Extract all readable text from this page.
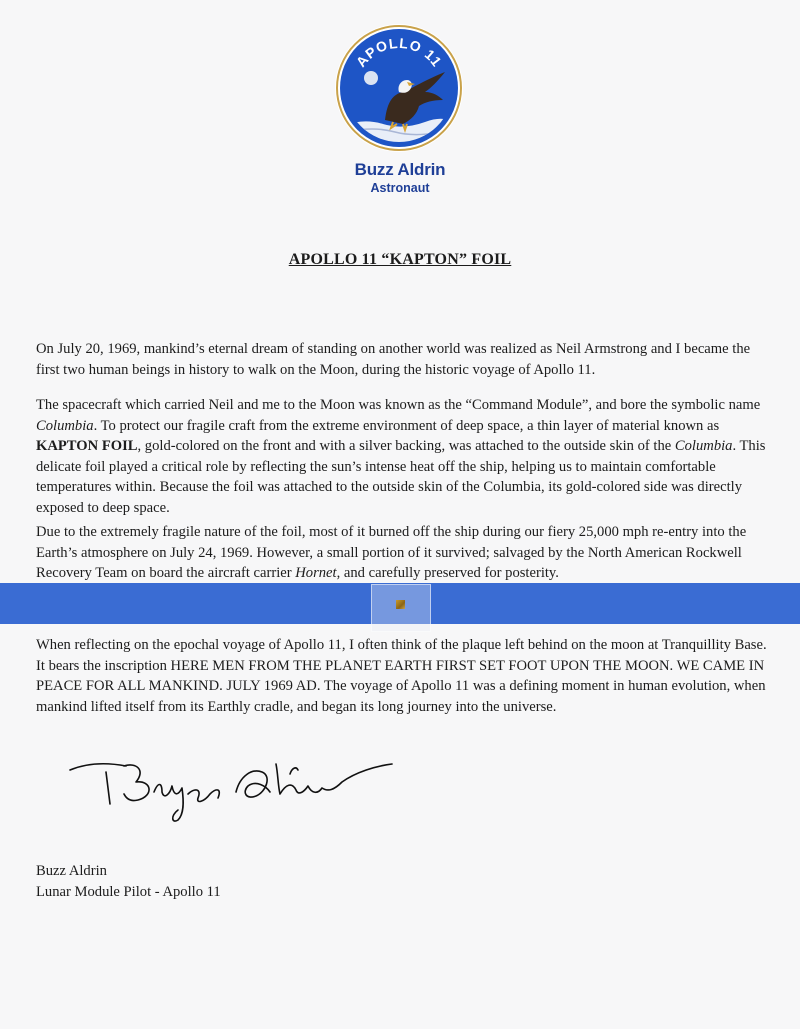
APOLLO 11
Buzz Aldrin
Astronaut
APOLLO 11 “KAPTON” FOIL
On July 20, 1969, mankind’s eternal dream of standing on another world was realized as Neil Armstrong and I became the first two human beings in history to walk on the Moon, during the historic voyage of Apollo 11.
The spacecraft which carried Neil and me to the Moon was known as the “Command Module”, and bore the symbolic name Columbia. To protect our fragile craft from the extreme environment of deep space, a thin layer of material known as KAPTON FOIL, gold-colored on the front and with a silver backing, was attached to the outside skin of the Columbia. This delicate foil played a critical role by reflecting the sun’s intense heat off the ship, helping us to maintain comfortable temperatures within. Because the foil was attached to the outside skin of the Columbia, its gold-colored side was directly exposed to deep space.
Due to the extremely fragile nature of the foil, most of it burned off the ship during our fiery 25,000 mph re-entry into the Earth’s atmosphere on July 24, 1969. However, a small portion of it survived; salvaged by the North American Rockwell Recovery Team on board the aircraft carrier Hornet, and carefully preserved for posterity.
When reflecting on the epochal voyage of Apollo 11, I often think of the plaque left behind on the moon at Tranquillity Base. It bears the inscription HERE MEN FROM THE PLANET EARTH FIRST SET FOOT UPON THE MOON. WE CAME IN PEACE FOR ALL MANKIND. JULY 1969 AD. The voyage of Apollo 11 was a defining moment in human evolution, when mankind lifted itself from its Earthly cradle, and began its long journey into the universe.
Buzz Aldrin
Lunar Module Pilot - Apollo 11
